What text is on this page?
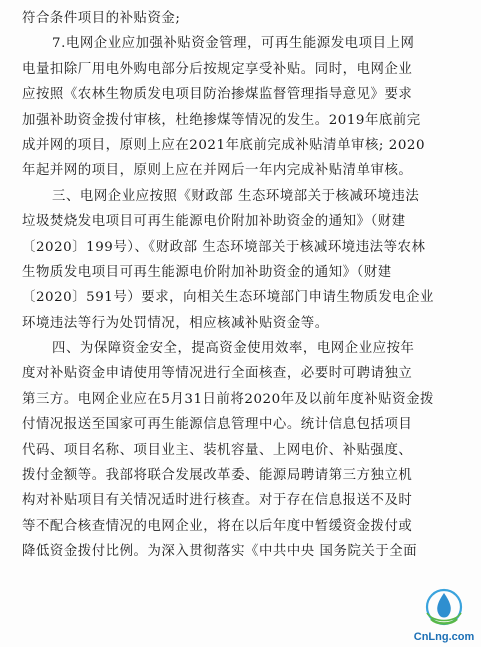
符合条件项目的补贴资金;
7.电网企业应加强补贴资金管理，可再生能源发电项目上网
电量扣除厂用电外购电部分后按规定享受补贴。同时，电网企业
应按照《农林生物质发电项目防治掺煤监督管理指导意见》要求
加强补助资金拨付审核，杜绝掺煤等情况的发生。2019年底前完
成并网的项目，原则上应在2021年底前完成补贴清单审核; 2020
年起并网的项目，原则上应在并网后一年内完成补贴清单审核。
三、电网企业应按照《财政部 生态环境部关于核减环境违法
垃圾焚烧发电项目可再生能源电价附加补助资金的通知》（财建
〔2020〕199号）、《财政部 生态环境部关于核减环境违法等农林
生物质发电项目可再生能源电价附加补助资金的通知》（财建
〔2020〕591号）要求，向相关生态环境部门申请生物质发电企业
环境违法等行为处罚情况，相应核减补贴资金等。
四、为保障资金安全，提高资金使用效率，电网企业应按年
度对补贴资金申请使用等情况进行全面核查，必要时可聘请独立
第三方。电网企业应在5月31日前将2020年及以前年度补贴资金拨
付情况报送至国家可再生能源信息管理中心。统计信息包括项目
代码、项目名称、项目业主、装机容量、上网电价、补贴强度、
拨付金额等。我部将联合发展改革委、能源局聘请第三方独立机
构对补贴项目有关情况适时进行核查。对于存在信息报送不及时
等不配合核查情况的电网企业，将在以后年度中暂缓资金拨付或
降低资金拨付比例。为深入贯彻落实《中共中央 国务院关于全面
CnLng.com
